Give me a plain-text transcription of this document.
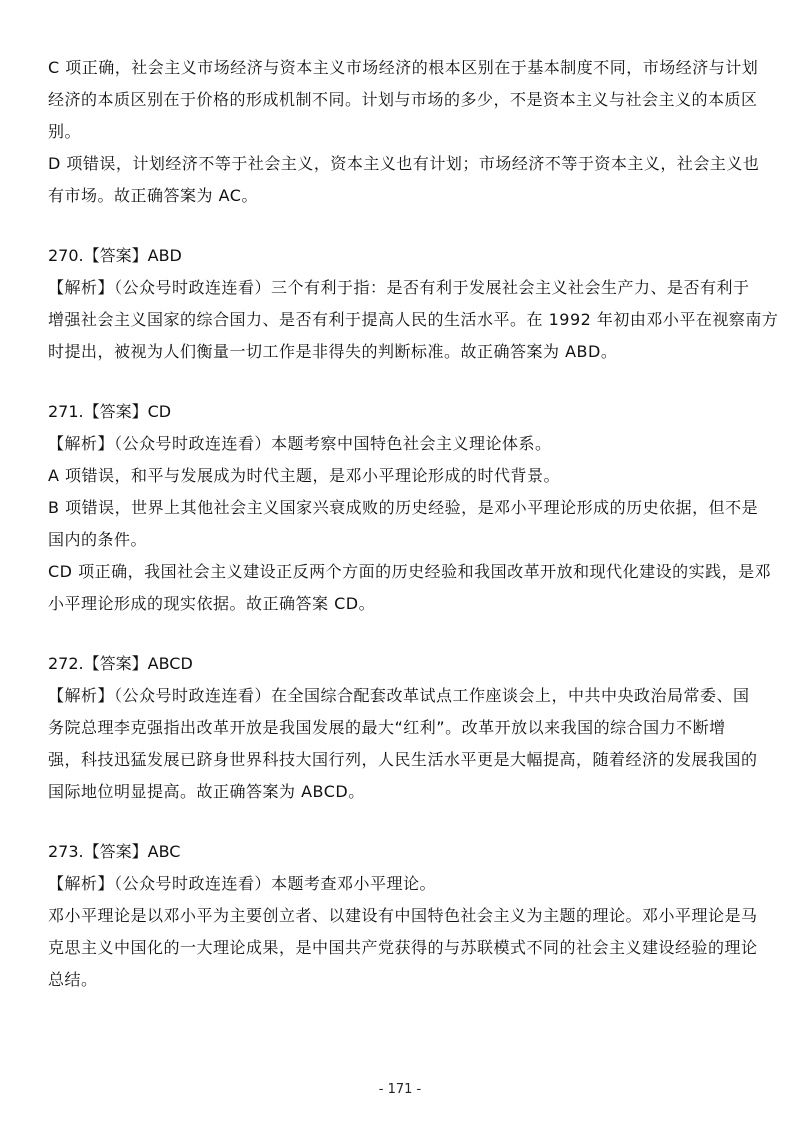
C 项正确，社会主义市场经济与资本主义市场经济的根本区别在于基本制度不同，市场经济与计划
经济的本质区别在于价格的形成机制不同。计划与市场的多少，不是资本主义与社会主义的本质区
别。

D 项错误，计划经济不等于社会主义，资本主义也有计划；市场经济不等于资本主义，社会主义也
有市场。故正确答案为 AC。

270.【答案】ABD

【解析】（公众号时政连连看）三个有利于指：是否有利于发展社会主义社会生产力、是否有利于
增强社会主义国家的综合国力、是否有利于提高人民的生活水平。在 1992 年初由邓小平在视察南方
时提出，被视为人们衡量一切工作是非得失的判断标准。故正确答案为 ABD。

271.【答案】CD

【解析】（公众号时政连连看）本题考察中国特色社会主义理论体系。

A 项错误，和平与发展成为时代主题，是邓小平理论形成的时代背景。

B 项错误，世界上其他社会主义国家兴衰成败的历史经验，是邓小平理论形成的历史依据，但不是
国内的条件。

CD 项正确，我国社会主义建设正反两个方面的历史经验和我国改革开放和现代化建设的实践，是邓
小平理论形成的现实依据。故正确答案 CD。

272.【答案】ABCD

【解析】（公众号时政连连看）在全国综合配套改革试点工作座谈会上，中共中央政治局常委、国
务院总理李克强指出改革开放是我国发展的最大“红利”。改革开放以来我国的综合国力不断增
强，科技迅猛发展已跻身世界科技大国行列，人民生活水平更是大幅提高，随着经济的发展我国的
国际地位明显提高。故正确答案为 ABCD。

273.【答案】ABC

【解析】（公众号时政连连看）本题考查邓小平理论。

邓小平理论是以邓小平为主要创立者、以建设有中国特色社会主义为主题的理论。邓小平理论是马
克思主义中国化的一大理论成果，是中国共产党获得的与苏联模式不同的社会主义建设经验的理论
总结。

- 171 -
